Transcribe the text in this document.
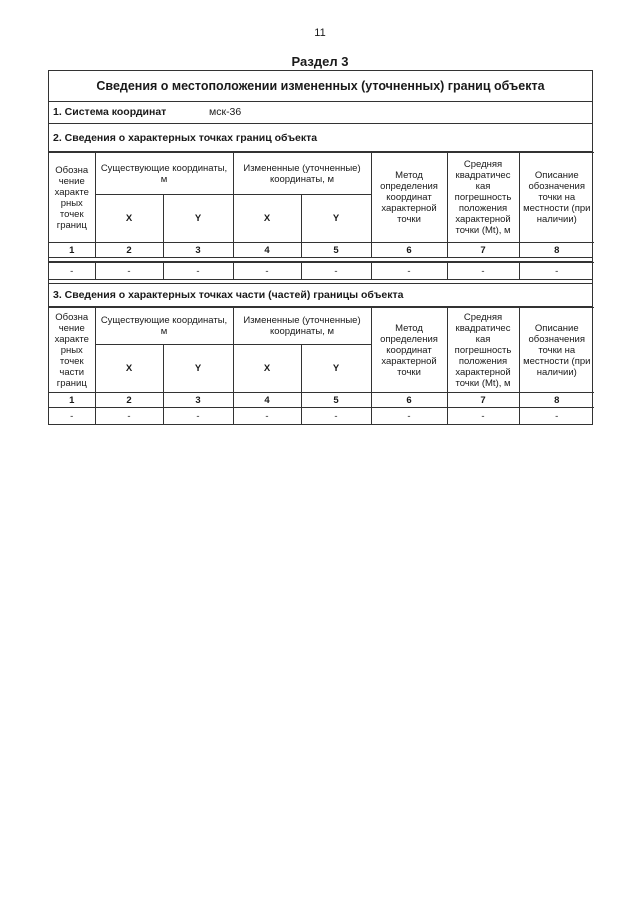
11
Раздел 3
Сведения о местоположении измененных (уточненных) границ объекта
1. Система координат	мск-36
2. Сведения о характерных точках границ объекта
Обозна чение характе рных точек границ	Существующие координаты, м		Измененные (уточненные) координаты, м		Метод определения координат характерной точки	Средняя квадратичес кая погрешность положения характерной точки (Mt), м	Описание обозначения точки на местности (при наличии)
	X	Y	X	Y			
1	2	3	4	5	6	7	8
-	-	-	-	-	-	-	-
3. Сведения о характерных точках части (частей) границы объекта
Обозна чение характе рных точек части границ	Существующие координаты, м		Измененные (уточненные) координаты, м		Метод определения координат характерной точки	Средняя квадратичес кая погрешность положения характерной точки (Mt), м	Описание обозначения точки на местности (при наличии)
	X	Y	X	Y			
1	2	3	4	5	6	7	8
-	-	-	-	-	-	-	-
